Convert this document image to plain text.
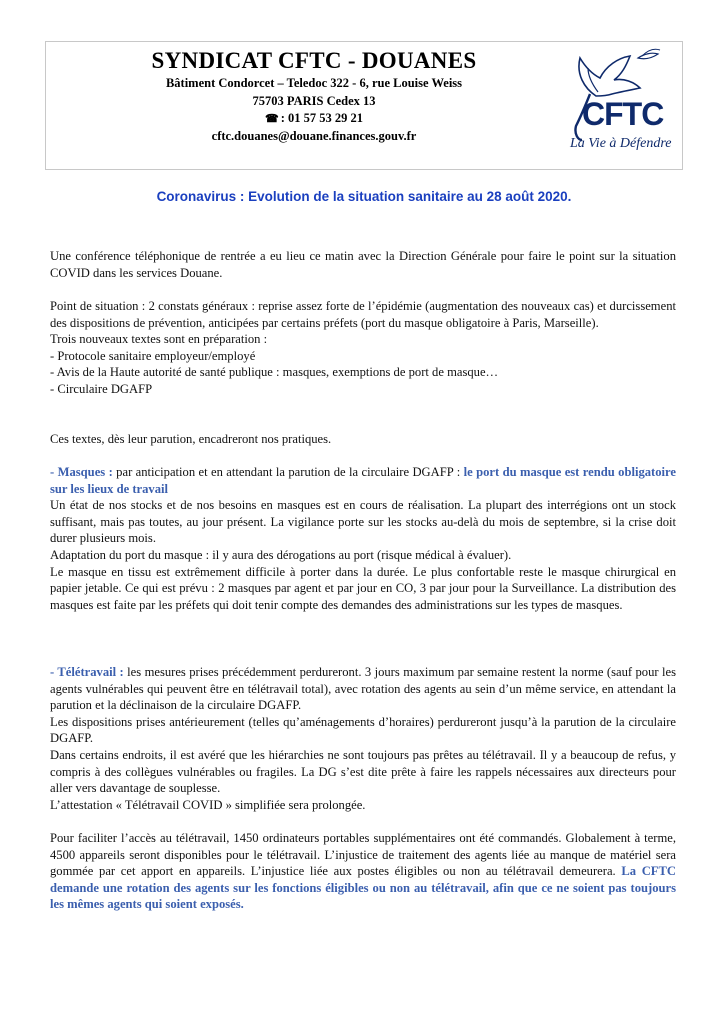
SYNDICAT CFTC - DOUANES
Bâtiment Condorcet – Teledoc 322 - 6, rue Louise Weiss
75703 PARIS Cedex 13
☎ : 01 57 53 29 21
cftc.douanes@douane.finances.gouv.fr
CFTC
La Vie à Défendre
Coronavirus : Evolution de la situation sanitaire au 28 août 2020.

Une conférence téléphonique de rentrée a eu lieu ce matin avec la Direction Générale pour faire le point sur la situation COVID dans les services Douane.

Point de situation : 2 constats généraux : reprise assez forte de l’épidémie (augmentation des nouveaux cas) et durcissement des dispositions de prévention, anticipées par certains préfets (port du masque obligatoire à Paris, Marseille).

Trois nouveaux textes sont en préparation :

- Protocole sanitaire employeur/employé

- Avis de la Haute autorité de santé publique : masques, exemptions de port de masque…

- Circulaire DGAFP

Ces textes, dès leur parution, encadreront nos pratiques.

- Masques : par anticipation et en attendant la parution de la circulaire DGAFP : le port du masque est rendu obligatoire sur les lieux de travail

Un état de nos stocks et de nos besoins en masques est en cours de réalisation. La plupart des interrégions ont un stock suffisant, mais pas toutes, au jour présent. La vigilance porte sur les stocks au-delà du mois de septembre, si la crise doit durer plusieurs mois.

Adaptation du port du masque : il y aura des dérogations au port (risque médical à évaluer).

Le masque en tissu est extrêmement difficile à porter dans la durée. Le plus confortable reste le masque chirurgical en papier jetable. Ce qui est prévu : 2 masques par agent et par jour en CO, 3 par jour pour la Surveillance. La distribution des masques est faite par les préfets qui doit tenir compte des demandes des administrations sur les types de masques.

- Télétravail : les mesures prises précédemment perdureront. 3 jours maximum par semaine restent la norme (sauf pour les agents vulnérables qui peuvent être en télétravail total), avec rotation des agents au sein d’un même service, en attendant la parution et la déclinaison de la circulaire DGAFP.

Les dispositions prises antérieurement (telles qu’aménagements d’horaires) perdureront jusqu’à la parution de la circulaire DGAFP.

Dans certains endroits, il est avéré que les hiérarchies ne sont toujours pas prêtes au télétravail. Il y a beaucoup de refus, y compris à des collègues vulnérables ou fragiles. La DG s’est dite prête à faire les rappels nécessaires aux directeurs pour aller vers davantage de souplesse.

L’attestation « Télétravail COVID » simplifiée sera prolongée.

Pour faciliter l’accès au télétravail, 1450 ordinateurs portables supplémentaires ont été commandés. Globalement à terme, 4500 appareils seront disponibles pour le télétravail. L’injustice de traitement des agents liée au manque de matériel sera gommée par cet apport en appareils. L’injustice liée aux postes éligibles ou non au télétravail demeurera. La CFTC demande une rotation des agents sur les fonctions éligibles ou non au télétravail, afin que ce ne soient pas toujours les mêmes agents qui soient exposés.
